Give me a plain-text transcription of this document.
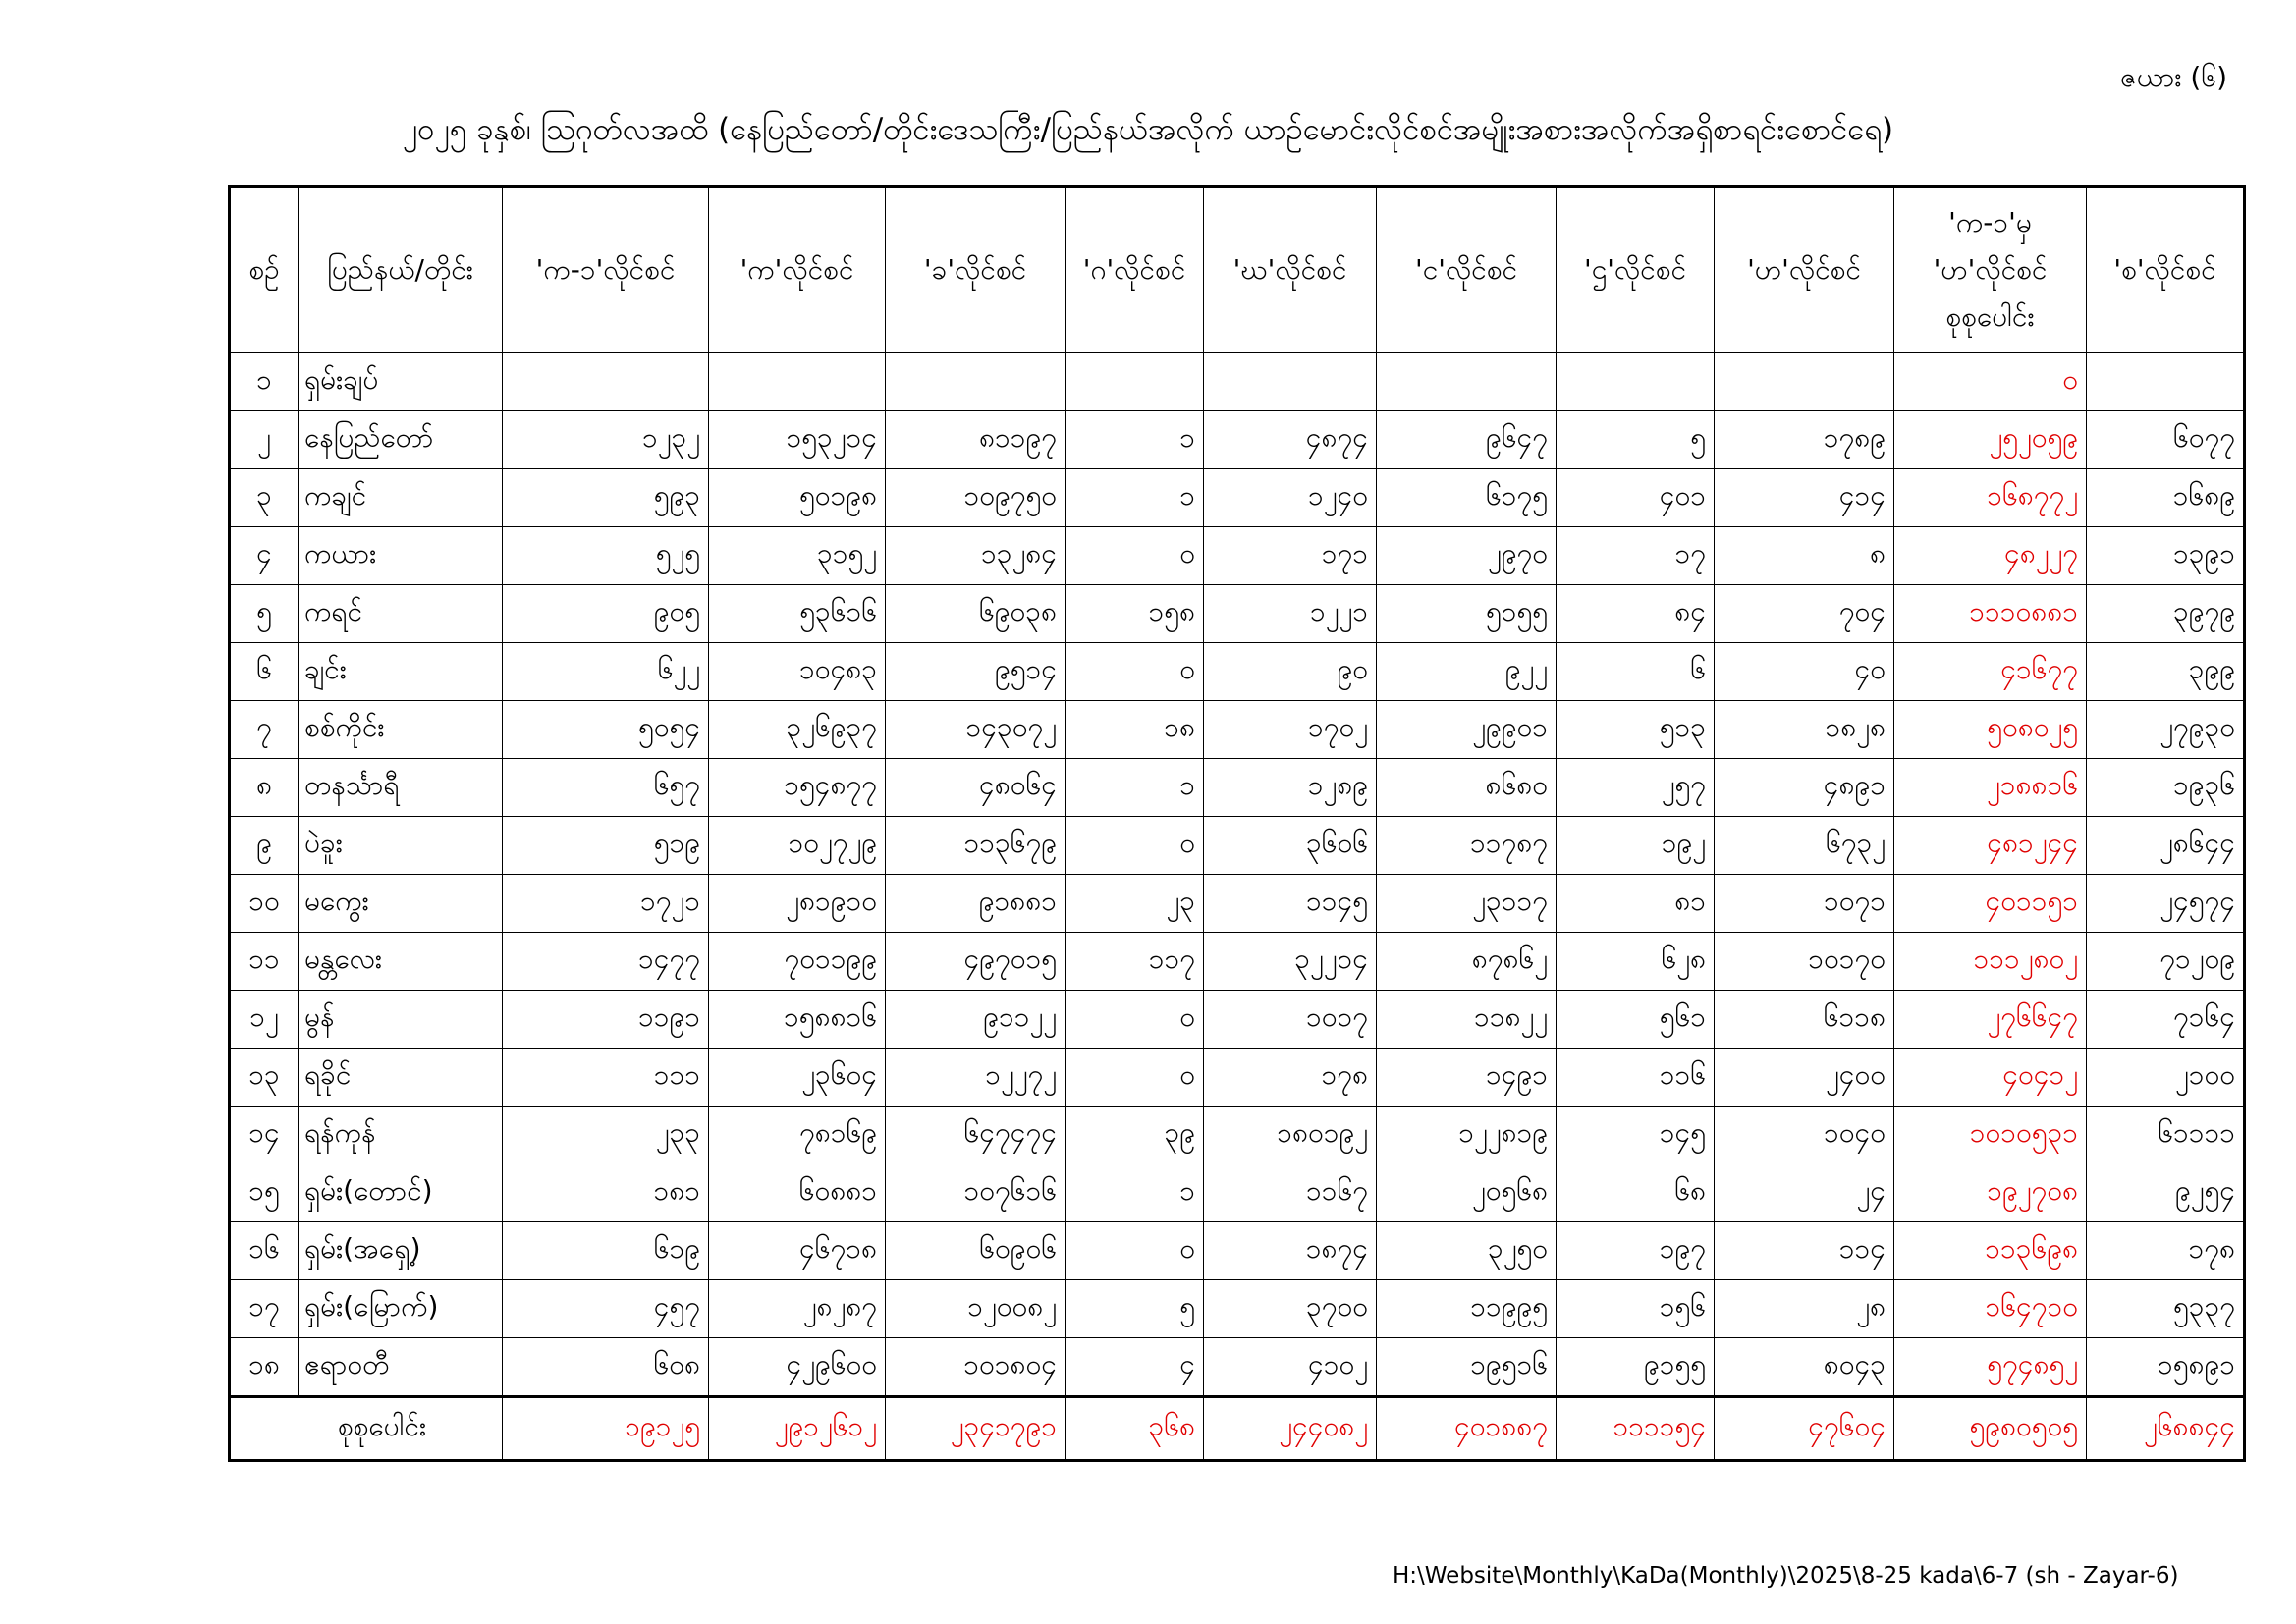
ဇယား (၆)
၂၀၂၅ ခုနှစ်၊ ဩဂုတ်လအထိ (နေပြည်တော်/တိုင်းဒေသကြီး/ပြည်နယ်အလိုက် ယာဉ်မောင်းလိုင်စင်အမျိုးအစားအလိုက်အရှိစာရင်းစောင်ရေ)
စဉ်	ပြည်နယ်/တိုင်း	'က-၁'လိုင်စင်	'က'လိုင်စင်	'ခ'လိုင်စင်	'ဂ'လိုင်စင်	'ဃ'လိုင်စင်	'င'လိုင်စင်	'ဌ'လိုင်စင်	'ဟ'လိုင်စင်	'က-၁'မှ 'ဟ'လိုင်စင် စုစုပေါင်း	'စ'လိုင်စင်
၁	ရှမ်းချပ်									၀	
၂	နေပြည်တော်	၁၂၃၂	၁၅၃၂၁၄	၈၁၁၉၇	၁	၄၈၇၄	၉၆၄၇	၅	၁၇၈၉	၂၅၂၀၅၉	၆၀၇၇
၃	ကချင်	၅၉၃	၅၀၁၉၈	၁၀၉၇၅၀	၁	၁၂၄၀	၆၁၇၅	၄၀၁	၄၁၄	၁၆၈၇၇၂	၁၆၈၉
၄	ကယား	၅၂၅	၃၁၅၂	၁၃၂၈၄	၀	၁၇၁	၂၉၇၀	၁၇	၈	၄၈၂၂၇	၁၃၉၁
၅	ကရင်	၉၀၅	၅၃၆၁၆	၆၉၀၃၈	၁၅၈	၁၂၂၁	၅၁၅၅	၈၄	၇၀၄	၁၁၁၀၈၈၁	၃၉၇၉
၆	ချင်း	၆၂၂	၁၀၄၈၃	၉၅၁၄	၀	၉၀	၉၂၂	၆	၄၀	၄၁၆၇၇	၃၉၉
၇	စစ်ကိုင်း	၅၀၅၄	၃၂၆၉၃၇	၁၄၃၀၇၂	၁၈	၁၇၀၂	၂၉၉၀၁	၅၁၃	၁၈၂၈	၅၀၈၀၂၅	၂၇၉၃၀
၈	တနင်္သာရီ	၆၅၇	၁၅၄၈၇၇	၄၈၀၆၄	၁	၁၂၈၉	၈၆၈၀	၂၅၇	၄၈၉၁	၂၁၈၈၁၆	၁၉၃၆
၉	ပဲခူး	၅၁၉	၁၀၂၇၂၉	၁၁၃၆၇၉	၀	၃၆၀၆	၁၁၇၈၇	၁၉၂	၆၇၃၂	၄၈၁၂၄၄	၂၈၆၄၄
၁၀	မကွေး	၁၇၂၁	၂၈၁၉၁၀	၉၁၈၈၁	၂၃	၁၁၄၅	၂၃၁၁၇	၈၁	၁၀၇၁	၄၀၁၁၅၁	၂၄၅၇၄
၁၁	မန္တလေး	၁၄၇၇	၇၀၁၁၉၉	၄၉၇၀၁၅	၁၁၇	၃၂၂၁၄	၈၇၈၆၂	၆၂၈	၁၀၁၇၀	၁၁၁၂၈၀၂	၇၁၂၀၉
၁၂	မွန်	၁၁၉၁	၁၅၈၈၁၆	၉၁၁၂၂	၀	၁၀၁၇	၁၁၈၂၂	၅၆၁	၆၁၁၈	၂၇၆၆၄၇	၇၁၆၄
၁၃	ရခိုင်	၁၁၁	၂၃၆၀၄	၁၂၂၇၂	၀	၁၇၈	၁၄၉၁	၁၁၆	၂၄၀၀	၄၀၄၁၂	၂၁၀၀
၁၄	ရန်ကုန်	၂၃၃	၇၈၁၆၉	၆၄၇၄၇၄	၃၉	၁၈၀၁၉၂	၁၂၂၈၁၉	၁၄၅	၁၀၄၀	၁၀၁၀၅၃၁	၆၁၁၁၁
၁၅	ရှမ်း(တောင်)	၁၈၁	၆၀၈၈၁	၁၀၇၆၁၆	၁	၁၁၆၇	၂၀၅၆၈	၆၈	၂၄	၁၉၂၇၀၈	၉၂၅၄
၁၆	ရှမ်း(အရှေ့)	၆၁၉	၄၆၇၁၈	၆၀၉၀၆	၀	၁၈၇၄	၃၂၅၀	၁၉၇	၁၁၄	၁၁၃၆၉၈	၁၇၈
၁၇	ရှမ်း(မြောက်)	၄၅၇	၂၈၂၈၇	၁၂၀၀၈၂	၅	၃၇၀၀	၁၁၉၉၅	၁၅၆	၂၈	၁၆၄၇၁၀	၅၃၃၇
၁၈	ဧရာဝတီ	၆၀၈	၄၂၉၆၀၀	၁၀၁၈၀၄	၄	၄၁၀၂	၁၉၅၁၆	၉၁၅၅	၈၀၄၃	၅၇၄၈၅၂	၁၅၈၉၁
စုစုပေါင်း		၁၉၁၂၅	၂၉၁၂၆၁၂	၂၃၄၁၇၉၁	၃၆၈	၂၄၄၀၈၂	၄၀၁၈၈၇	၁၁၁၁၅၄	၄၇၆၀၄	၅၉၈၀၅၀၅	၂၆၈၈၄၄
H:\Website\Monthly\KaDa(Monthly)\2025\8-25 kada\6-7 (sh - Zayar-6)
